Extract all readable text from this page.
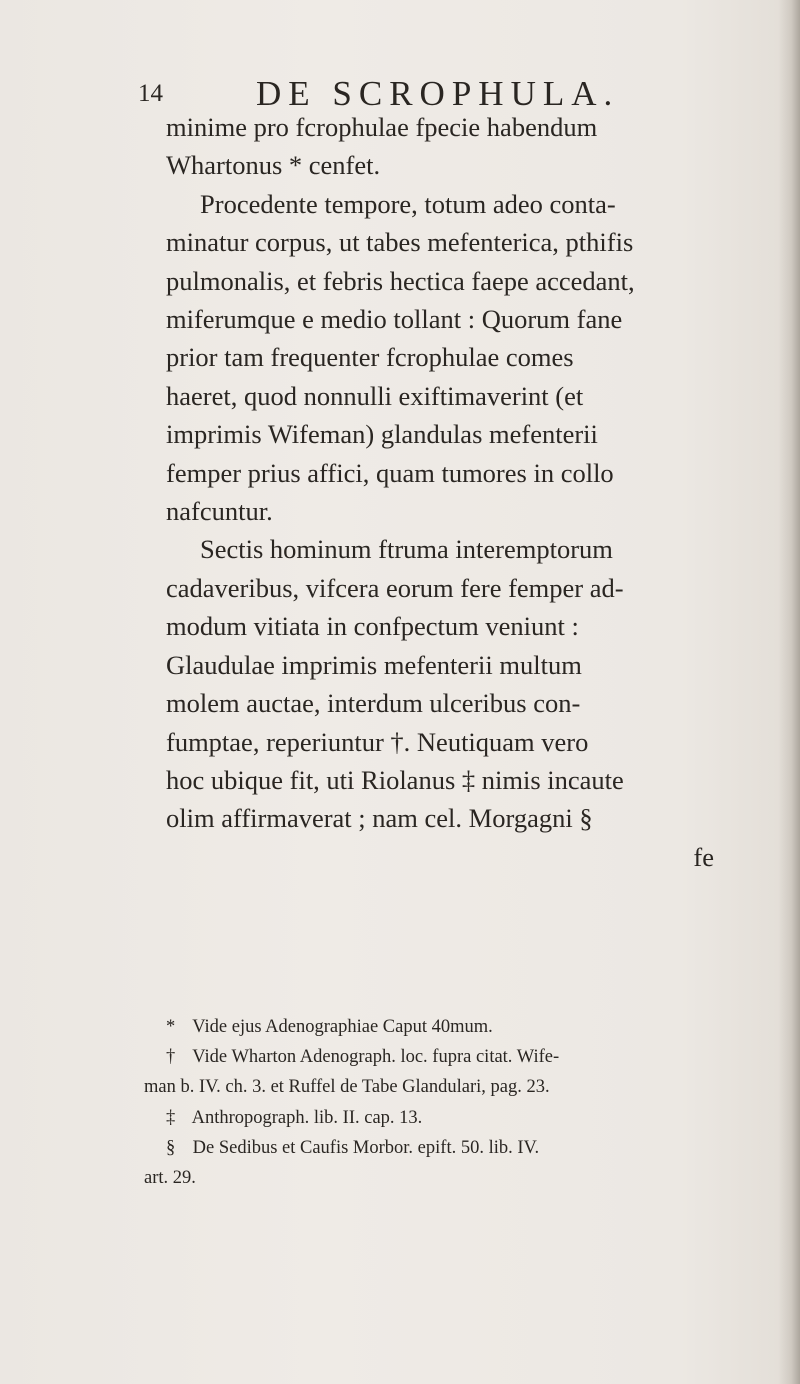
14	DE SCROPHULA.

minime pro fcrophulae fpecie habendum
Whartonus * cenfet.

Procedente tempore, totum adeo conta-
minatur corpus, ut tabes mefenterica, pthifis
pulmonalis, et febris hectica faepe accedant,
miferumque e medio tollant : Quorum fane
prior tam frequenter fcrophulae comes
haeret, quod nonnulli exiftimaverint (et
imprimis Wifeman) glandulas mefenterii
femper prius affici, quam tumores in collo
nafcuntur.

Sectis hominum ftruma interemptorum
cadaveribus, vifcera eorum fere femper ad-
modum vitiata in confpectum veniunt :
Glaudulae imprimis mefenterii multum
molem auctae, interdum ulceribus con-
fumptae, reperiuntur †. Neutiquam vero
hoc ubique fit, uti Riolanus ‡ nimis incaute
olim affirmaverat ; nam cel. Morgagni §

fe

* Vide ejus Adenographiae Caput 40mum.

† Vide Wharton Adenograph. loc. fupra citat. Wife-
man b. IV. ch. 3. et Ruffel de Tabe Glandulari, pag. 23.

‡ Anthropograph. lib. II. cap. 13.

§ De Sedibus et Caufis Morbor. epift. 50. lib. IV.
art. 29.
